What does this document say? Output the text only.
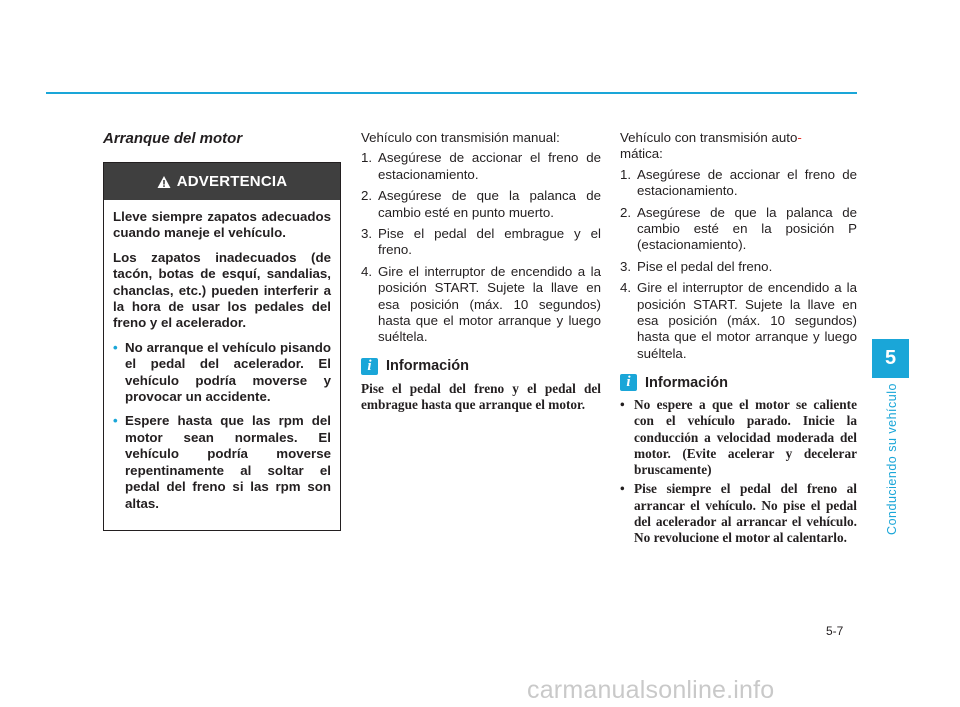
Arranque del motor
ADVERTENCIA

Lleve siempre zapatos adecuados cuando maneje el vehículo.

Los zapatos inadecuados (de tacón, botas de esquí, sandalias, chanclas, etc.) pueden interferir a la hora de usar los pedales del freno y el acelerador.

• No arranque el vehículo pisando el pedal del acelerador. El vehículo podría moverse y provocar un accidente.
• Espere hasta que las rpm del motor sean normales. El vehículo podría moverse repentinamente al soltar el pedal del freno si las rpm son altas.

Vehículo con transmisión manual:

1. Asegúrese de accionar el freno de estacionamiento.
2. Asegúrese de que la palanca de cambio esté en punto muerto.
3. Pise el pedal del embrague y el freno.
4. Gire el interruptor de encendido a la posición START. Sujete la llave en esa posición (máx. 10 segundos) hasta que el motor arranque y luego suéltela.
i Información

Pise el pedal del freno y el pedal del embrague hasta que arranque el motor.

Vehículo con transmisión auto-
mática:

1. Asegúrese de accionar el freno de estacionamiento.
2. Asegúrese de que la palanca de cambio esté en la posición P (estacionamiento).
3. Pise el pedal del freno.
4. Gire el interruptor de encendido a la posición START. Sujete la llave en esa posición (máx. 10 segundos) hasta que el motor arranque y luego suéltela.
i Información
• No espere a que el motor se caliente con el vehículo parado. Inicie la conducción a velocidad moderada del motor. (Evite acelerar y decelerar bruscamente)
• Pise siempre el pedal del freno al arrancar el vehículo. No pise el pedal del acelerador al arrancar el vehículo. No revolucione el motor al calentarlo.
5
Conduciendo su vehículo
5-7
carmanualsonline.info
